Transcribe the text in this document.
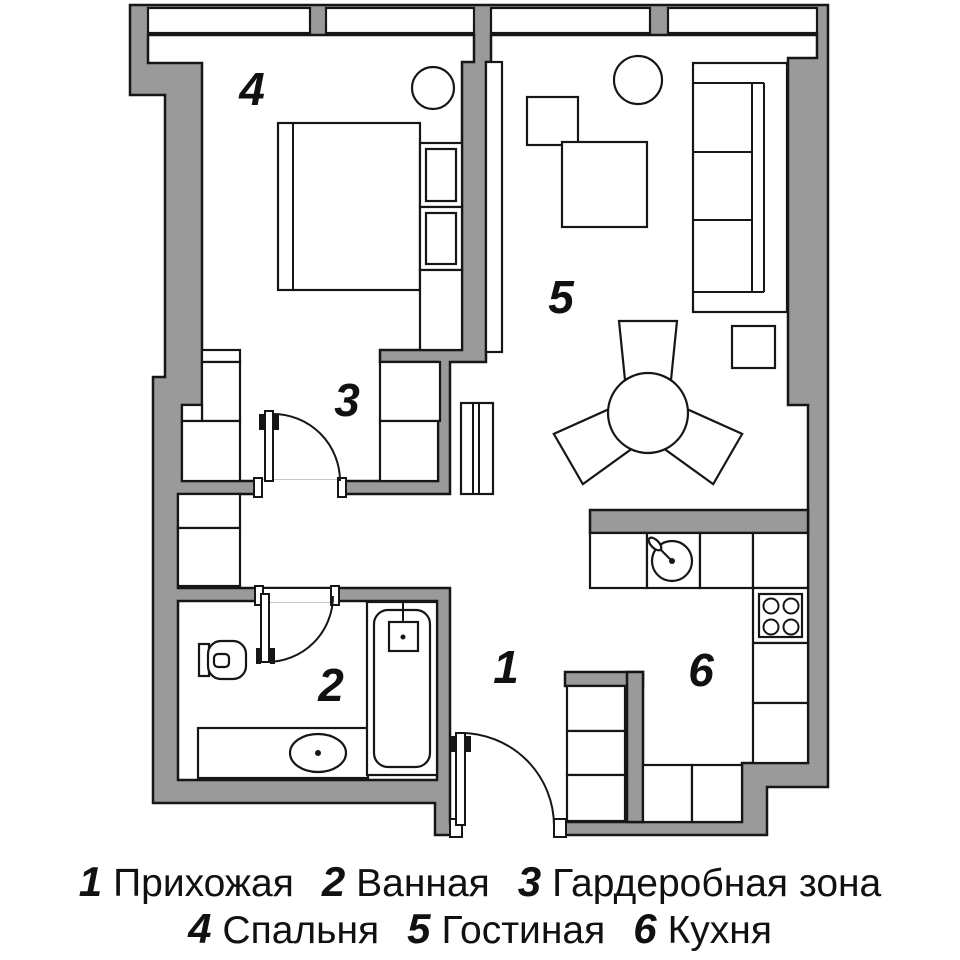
1
2
3
4
5
6
1 Прихожая 2 Ванная 3 Гардеробная зона
4 Спальня 5 Гостиная 6 Кухня
